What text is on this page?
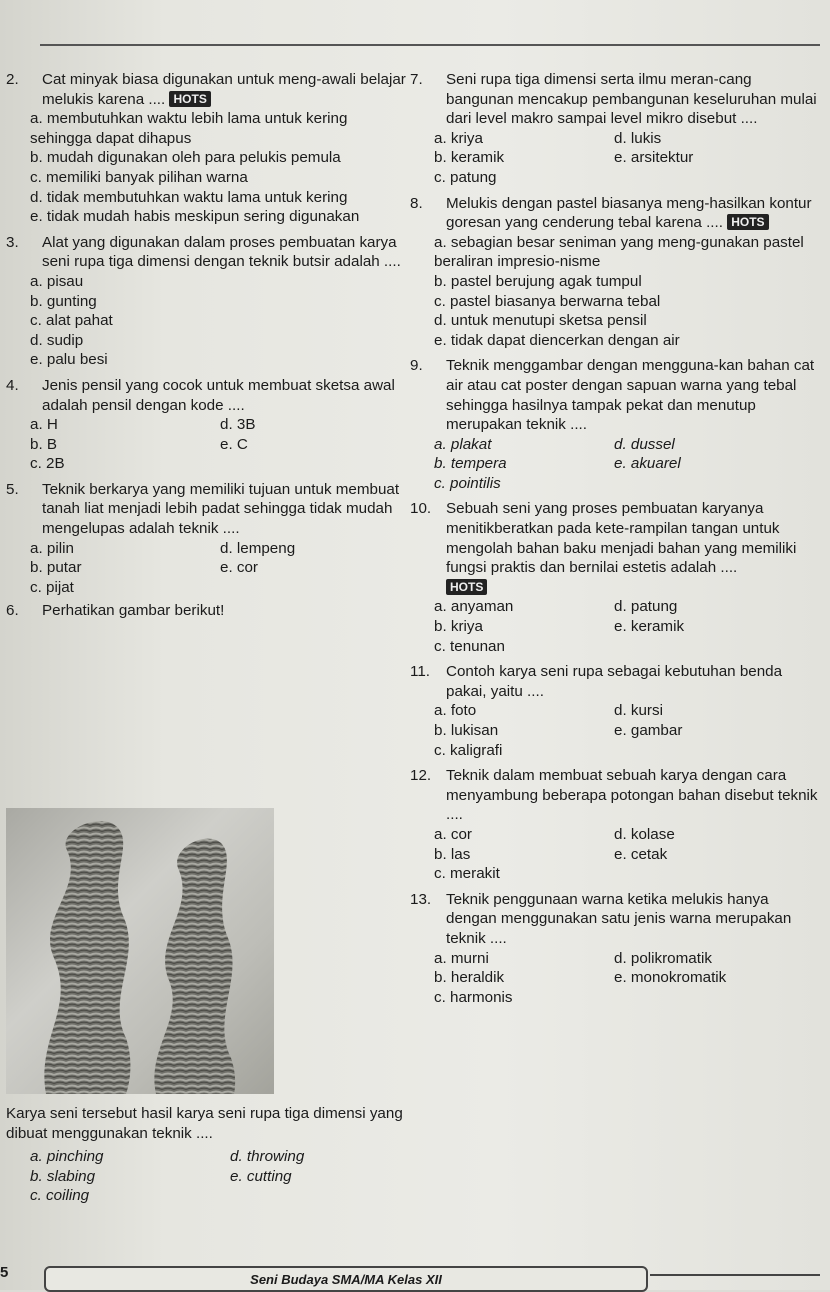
2.	Cat minyak biasa digunakan untuk meng-awali belajar melukis karena .... HOTS
a. membutuhkan waktu lebih lama untuk kering sehingga dapat dihapus
b. mudah digunakan oleh para pelukis pemula
c. memiliki banyak pilihan warna
d. tidak membutuhkan waktu lama untuk kering
e. tidak mudah habis meskipun sering digunakan
3.	Alat yang digunakan dalam proses pembuatan karya seni rupa tiga dimensi dengan teknik butsir adalah ....
a. pisau
b. gunting
c. alat pahat
d. sudip
e. palu besi
4.	Jenis pensil yang cocok untuk membuat sketsa awal adalah pensil dengan kode ....
a. H	d. 3B
b. B	e. C
c. 2B
5.	Teknik berkarya yang memiliki tujuan untuk membuat tanah liat menjadi lebih padat sehingga tidak mudah mengelupas adalah teknik ....
a. pilin	d. lempeng
b. putar	e. cor
c. pijat
6.	Perhatikan gambar berikut!
Karya seni tersebut hasil karya seni rupa tiga dimensi yang dibuat menggunakan teknik ....
a. pinching	d. throwing
b. slabing	e. cutting
c. coiling
7.	Seni rupa tiga dimensi serta ilmu meran-cang bangunan mencakup pembangunan keseluruhan mulai dari level makro sampai level mikro disebut ....
a. kriya	d. lukis
b. keramik	e. arsitektur
c. patung
8.	Melukis dengan pastel biasanya meng-hasilkan kontur goresan yang cenderung tebal karena .... HOTS
a. sebagian besar seniman yang meng-gunakan pastel beraliran impresio-nisme
b. pastel berujung agak tumpul
c. pastel biasanya berwarna tebal
d. untuk menutupi sketsa pensil
e. tidak dapat diencerkan dengan air
9.	Teknik menggambar dengan mengguna-kan bahan cat air atau cat poster dengan sapuan warna yang tebal sehingga hasilnya tampak pekat dan menutup merupakan teknik ....
a. plakat	d. dussel
b. tempera	e. akuarel
c. pointilis
10. Sebuah seni yang proses pembuatan karyanya menitikberatkan pada kete-rampilan tangan untuk mengolah bahan baku menjadi bahan yang memiliki fungsi praktis dan bernilai estetis adalah ....
HOTS
a. anyaman	d. patung
b. kriya	e. keramik
c. tenunan
11.	Contoh karya seni rupa sebagai kebutuhan benda pakai, yaitu ....
a. foto	d. kursi
b. lukisan	e. gambar
c. kaligrafi
12. Teknik dalam membuat sebuah karya dengan cara menyambung beberapa potongan bahan disebut teknik ....
a. cor	d. kolase
b. las	e. cetak
c. merakit
13. Teknik penggunaan warna ketika melukis hanya dengan menggunakan satu jenis warna merupakan teknik ....
a. murni	d. polikromatik
b. heraldik	e. monokromatik
c. harmonis
5	Seni Budaya SMA/MA Kelas XII
